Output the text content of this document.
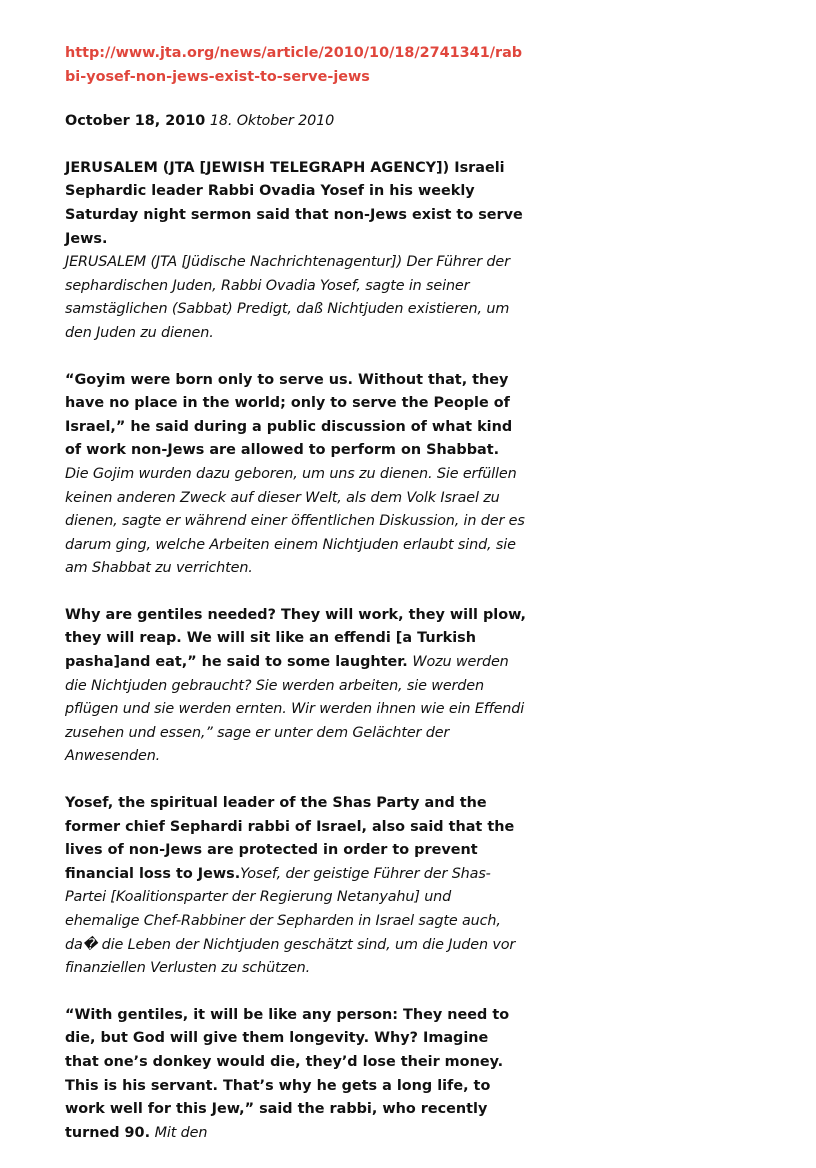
http://www.jta.org/news/article/2010/10/18/2741341/rabbi-yosef-non-jews-exist-to-serve-jews

October 18, 2010 18. Oktober 2010

JERUSALEM (JTA [JEWISH TELEGRAPH AGENCY]) Israeli Sephardic leader Rabbi Ovadia Yosef in his weekly Saturday night sermon said that non-Jews exist to serve Jews.
JERUSALEM (JTA [Jüdische Nachrichtenagentur]) Der Führer der sephardischen Juden, Rabbi Ovadia Yosef, sagte in seiner samstäglichen (Sabbat) Predigt, daß Nichtjuden existieren, um den Juden zu dienen.

“Goyim were born only to serve us. Without that, they have no place in the world; only to serve the People of Israel,” he said during a public discussion of what kind of work non-Jews are allowed to perform on Shabbat. Die Gojim wurden dazu geboren, um uns zu dienen. Sie erfüllen keinen anderen Zweck auf dieser Welt, als dem Volk Israel zu dienen, sagte er während einer öffentlichen Diskussion, in der es darum ging, welche Arbeiten einem Nichtjuden erlaubt sind, sie am Shabbat zu verrichten.

Why are gentiles needed? They will work, they will plow, they will reap. We will sit like an effendi [a Turkish pasha]and eat,” he said to some laughter. Wozu werden die Nichtjuden gebraucht? Sie werden arbeiten, sie werden pflügen und sie werden ernten. Wir werden ihnen wie ein Effendi zusehen und essen,” sage er unter dem Gelächter der Anwesenden.

Yosef, the spiritual leader of the Shas Party and the former chief Sephardi rabbi of Israel, also said that the lives of non-Jews are protected in order to prevent financial loss to Jews.Yosef, der geistige Führer der Shas-Partei [Koalitionsparter der Regierung Netanyahu] und ehemalige Chef-Rabbiner der Sepharden in Israel sagte auch, da� die Leben der Nichtjuden geschätzt sind, um die Juden vor finanziellen Verlusten zu schützen.

“With gentiles, it will be like any person: They need to die, but God will give them longevity. Why? Imagine that one’s donkey would die, they’d lose their money. This is his servant. That’s why he gets a long life, to work well for this Jew,” said the rabbi, who recently turned 90. Mit den
